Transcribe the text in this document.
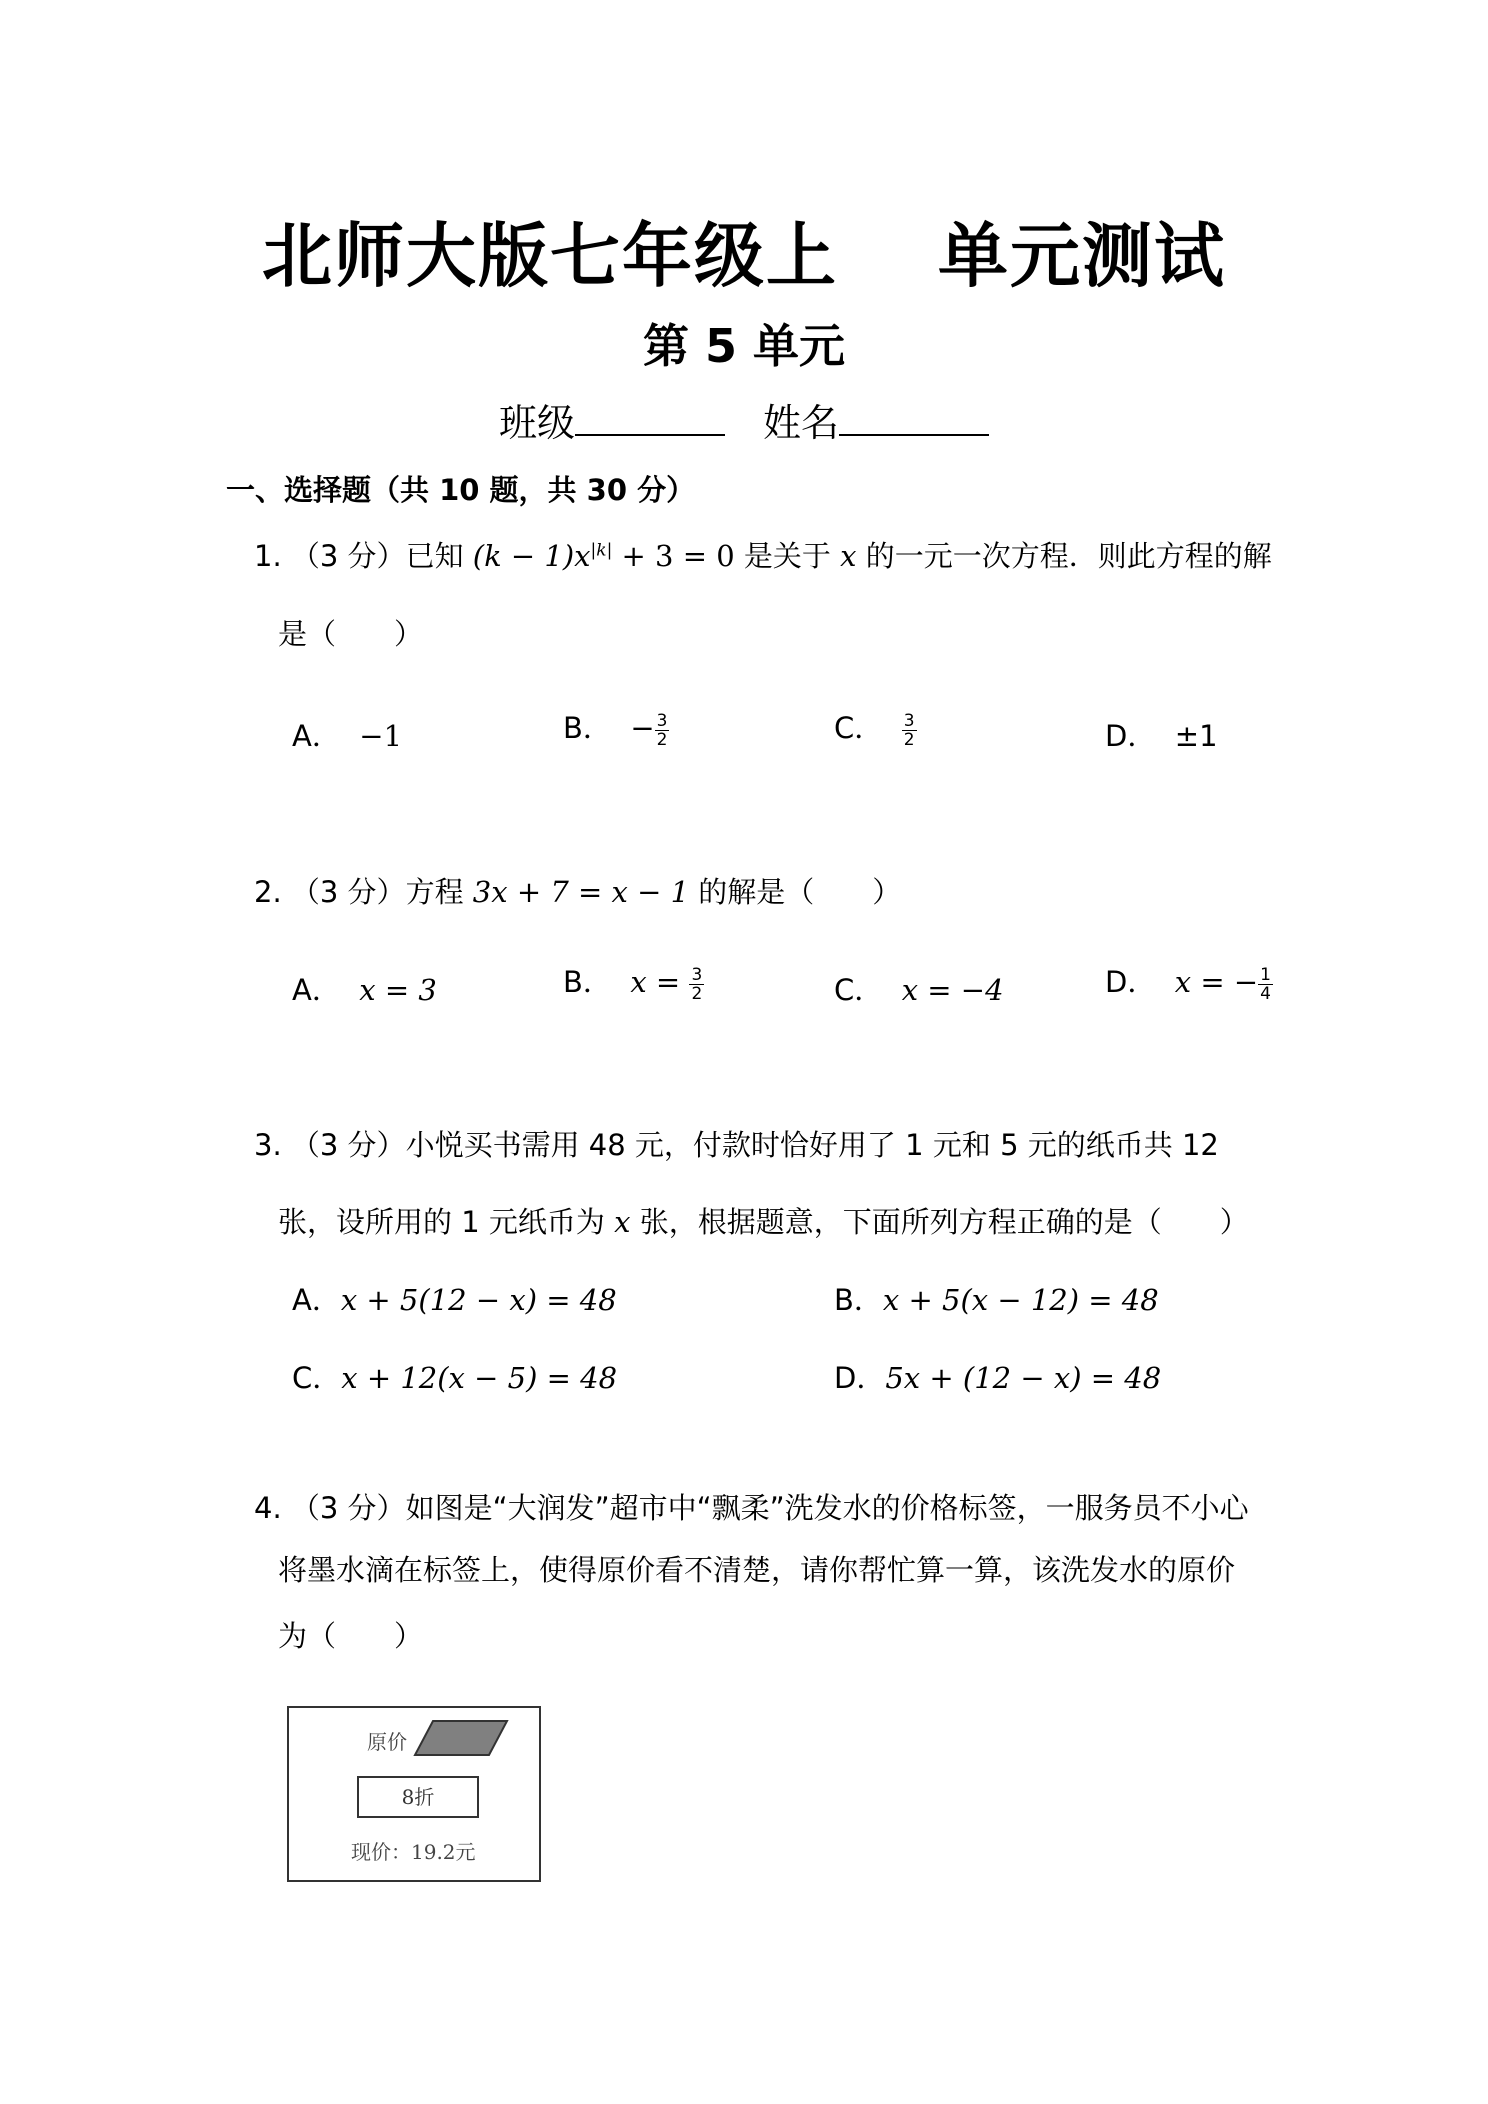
北师大版七年级上 单元测试
第 5 单元
班级	姓名
一、选择题（共 10 题，共 30 分）
1. （3 分）已知 $(k - 1)x^{|k|} + 3 = 0$ 是关于 x 的一元一次方程．则此方程的解
是（　　）
A． −1	B． − $\frac{3}{2}$	C． $\frac{3}{2}$	D． ±1
2. （3 分）方程 3x + 7 = x − 1 的解是（　　）
A． x = 3	B． $x = \frac{3}{2}$	C． x = −4	D． x = − $\frac{1}{4}$
3. （3 分）小悦买书需用 48 元，付款时恰好用了 1 元和 5 元的纸币共 12
张，设所用的 1 元纸币为 x 张，根据题意，下面所列方程正确的是（　　）
A．x + 5(12 − x) = 48	B．x + 5(x − 12) = 48
C．x + 12(x − 5) = 48	D．5x + (12 − x) = 48
4. （3 分）如图是“大润发”超市中“飘柔”洗发水的价格标签，一服务员不小心
将墨水滴在标签上，使得原价看不清楚，请你帮忙算一算，该洗发水的原价
为（　　）
原价
8折
现价：19.2元
